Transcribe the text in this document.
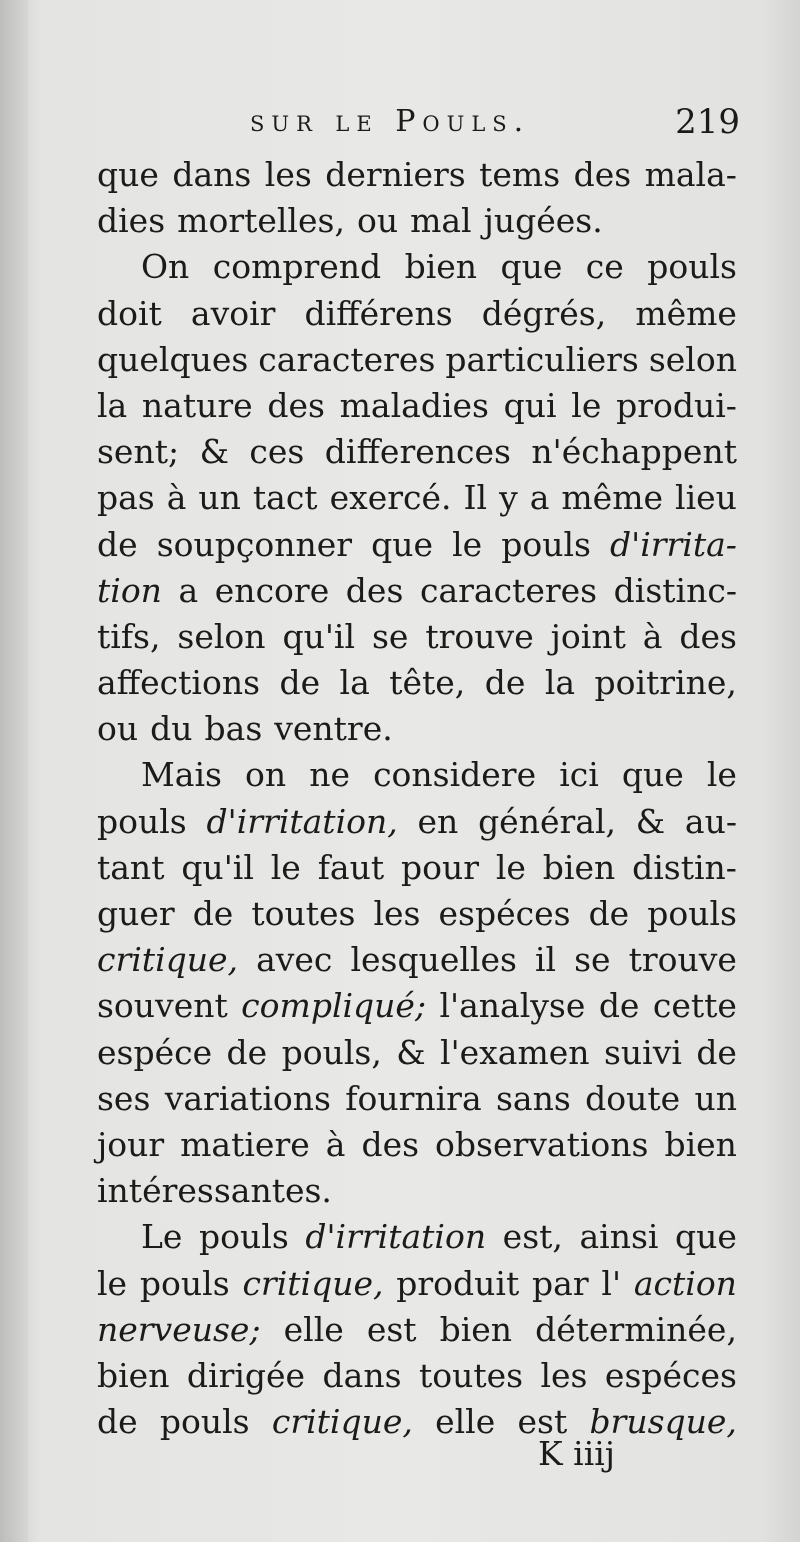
sur le Pouls.	219
que dans les derniers tems des mala-
dies mortelles, ou mal jugées.
On comprend bien que ce pouls
doit avoir différens dégrés, même
quelques caracteres particuliers selon
la nature des maladies qui le produi-
sent; & ces differences n'échappent
pas à un tact exercé. Il y a même lieu
de soupçonner que le pouls d'irrita-
tion a encore des caracteres distinc-
tifs, selon qu'il se trouve joint à des
affections de la tête, de la poitrine,
ou du bas ventre.
Mais on ne considere ici que le
pouls d'irritation, en général, & au-
tant qu'il le faut pour le bien distin-
guer de toutes les espéces de pouls
critique, avec lesquelles il se trouve
souvent compliqué; l'analyse de cette
espéce de pouls, & l'examen suivi de
ses variations fournira sans doute un
jour matiere à des observations bien
intéressantes.
Le pouls d'irritation est, ainsi que
le pouls critique, produit par l' action
nerveuse; elle est bien déterminée,
bien dirigée dans toutes les espéces
de pouls critique, elle est brusque,
K iiij
